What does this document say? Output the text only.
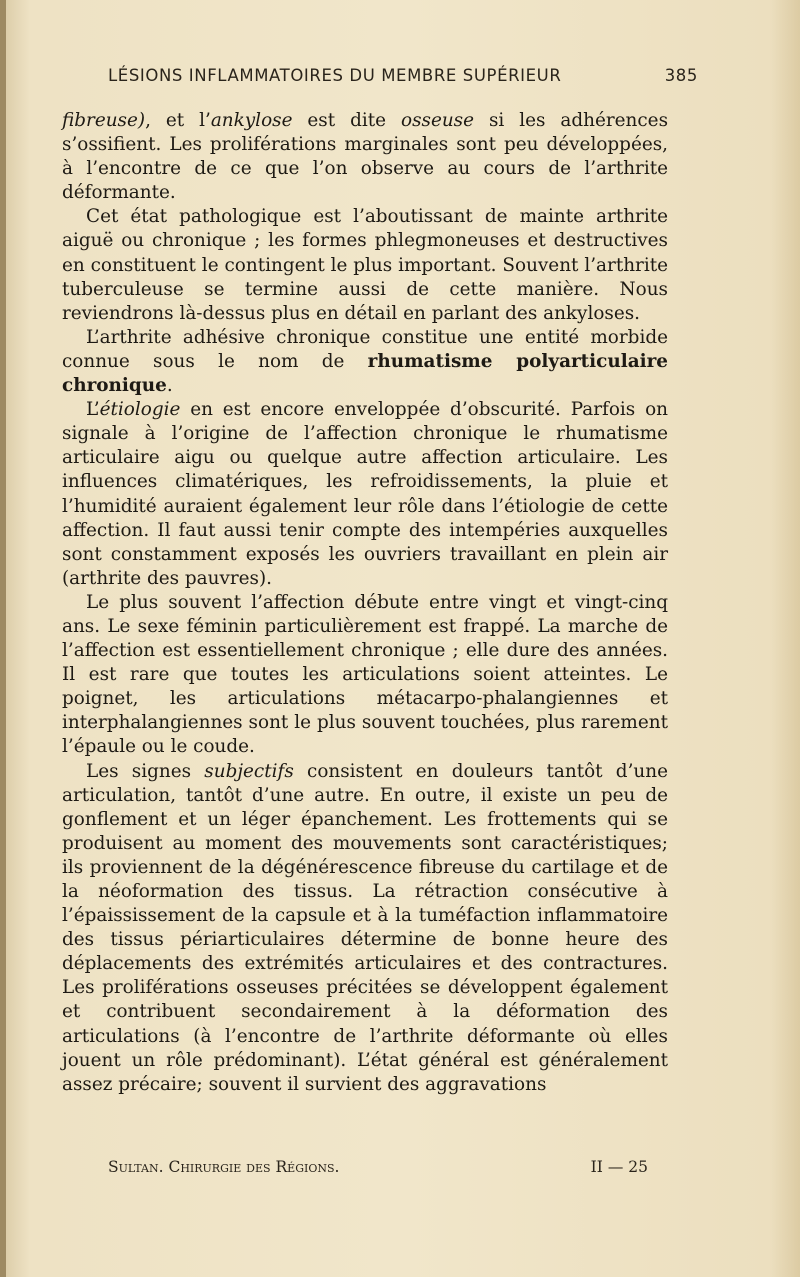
LÉSIONS INFLAMMATOIRES DU MEMBRE SUPÉRIEUR	385

fibreuse), et l’ankylose est dite osseuse si les adhérences s’ossifient. Les proliférations marginales sont peu développées, à l’encontre de ce que l’on observe au cours de l’arthrite déformante.

Cet état pathologique est l’aboutissant de mainte arthrite aiguë ou chronique ; les formes phlegmoneuses et destructives en constituent le contingent le plus important. Souvent l’arthrite tuberculeuse se termine aussi de cette manière. Nous reviendrons là-dessus plus en détail en parlant des ankyloses.

L’arthrite adhésive chronique constitue une entité morbide connue sous le nom de rhumatisme polyarticulaire chronique.

L’étiologie en est encore enveloppée d’obscurité. Parfois on signale à l’origine de l’affection chronique le rhumatisme articulaire aigu ou quelque autre affection articulaire. Les influences climatériques, les refroidissements, la pluie et l’humidité auraient également leur rôle dans l’étiologie de cette affection. Il faut aussi tenir compte des intempéries auxquelles sont constamment exposés les ouvriers travaillant en plein air (arthrite des pauvres).

Le plus souvent l’affection débute entre vingt et vingt-cinq ans. Le sexe féminin particulièrement est frappé. La marche de l’affection est essentiellement chronique ; elle dure des années. Il est rare que toutes les articulations soient atteintes. Le poignet, les articulations métacarpo-phalangiennes et interphalangiennes sont le plus souvent touchées, plus rarement l’épaule ou le coude.

Les signes subjectifs consistent en douleurs tantôt d’une articulation, tantôt d’une autre. En outre, il existe un peu de gonflement et un léger épanchement. Les frottements qui se produisent au moment des mouvements sont caractéristiques; ils proviennent de la dégénérescence fibreuse du cartilage et de la néoformation des tissus. La rétraction consécutive à l’épaississement de la capsule et à la tuméfaction inflammatoire des tissus périarticulaires détermine de bonne heure des déplacements des extrémités articulaires et des contractures. Les proliférations osseuses précitées se développent également et contribuent secondairement à la déformation des articulations (à l’encontre de l’arthrite déformante où elles jouent un rôle prédominant). L’état général est généralement assez précaire; souvent il survient des aggravations

Sultan. Chirurgie des Régions.	II — 25
